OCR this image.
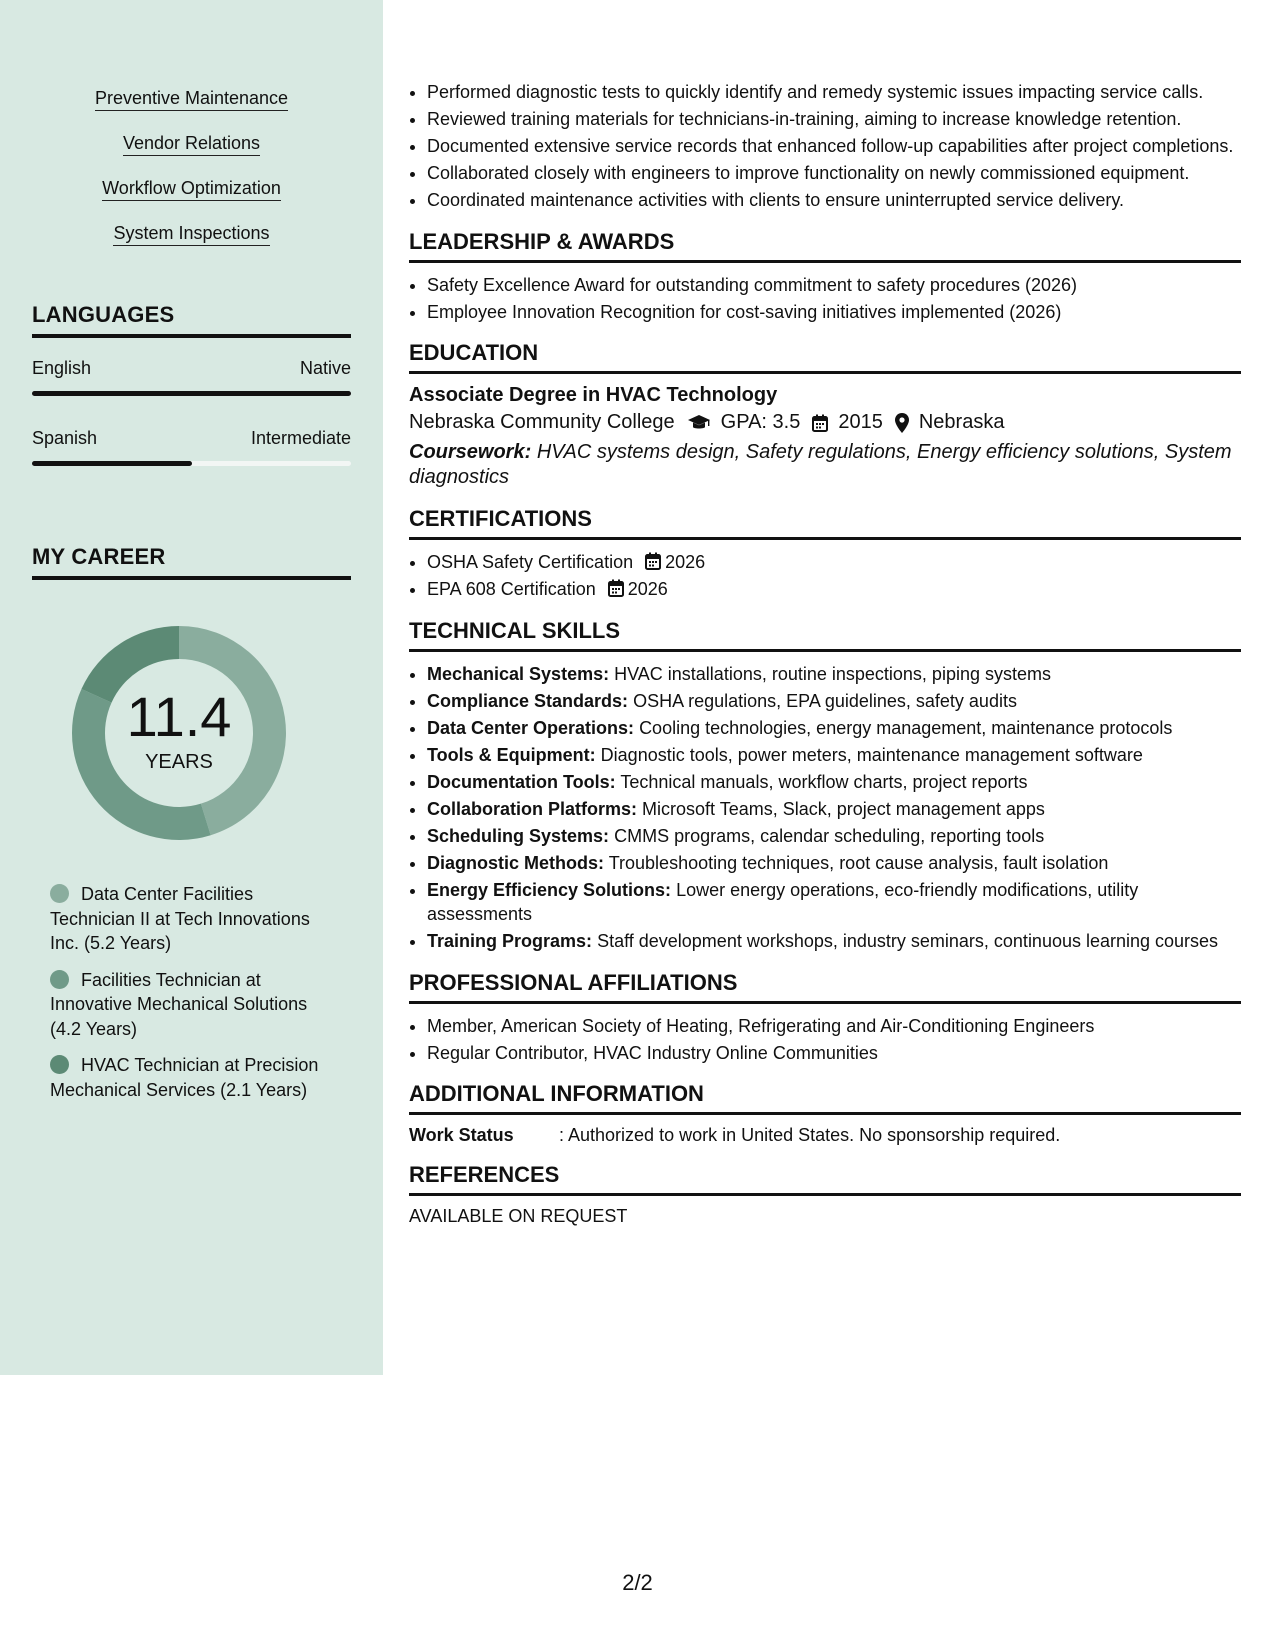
Preventive Maintenance
Vendor Relations
Workflow Optimization
System Inspections
LANGUAGES
English	Native
Spanish	Intermediate
MY CAREER
11.4
YEARS
Data Center Facilities Technician II at Tech Innovations Inc. (5.2 Years)
Facilities Technician at Innovative Mechanical Solutions (4.2 Years)
HVAC Technician at Precision Mechanical Services (2.1 Years)
• Performed diagnostic tests to quickly identify and remedy systemic issues impacting service calls.
• Reviewed training materials for technicians-in-training, aiming to increase knowledge retention.
• Documented extensive service records that enhanced follow-up capabilities after project completions.
• Collaborated closely with engineers to improve functionality on newly commissioned equipment.
• Coordinated maintenance activities with clients to ensure uninterrupted service delivery.
LEADERSHIP & AWARDS
• Safety Excellence Award for outstanding commitment to safety procedures (2026)
• Employee Innovation Recognition for cost-saving initiatives implemented (2026)
EDUCATION
Associate Degree in HVAC Technology
Nebraska Community College GPA: 3.5 2015 Nebraska
Coursework: HVAC systems design, Safety regulations, Energy efficiency solutions, System diagnostics
CERTIFICATIONS
• OSHA Safety Certification 2026
• EPA 608 Certification 2026
TECHNICAL SKILLS
• Mechanical Systems: HVAC installations, routine inspections, piping systems
• Compliance Standards: OSHA regulations, EPA guidelines, safety audits
• Data Center Operations: Cooling technologies, energy management, maintenance protocols
• Tools & Equipment: Diagnostic tools, power meters, maintenance management software
• Documentation Tools: Technical manuals, workflow charts, project reports
• Collaboration Platforms: Microsoft Teams, Slack, project management apps
• Scheduling Systems: CMMS programs, calendar scheduling, reporting tools
• Diagnostic Methods: Troubleshooting techniques, root cause analysis, fault isolation
• Energy Efficiency Solutions: Lower energy operations, eco-friendly modifications, utility assessments
• Training Programs: Staff development workshops, industry seminars, continuous learning courses
PROFESSIONAL AFFILIATIONS
• Member, American Society of Heating, Refrigerating and Air-Conditioning Engineers
• Regular Contributor, HVAC Industry Online Communities
ADDITIONAL INFORMATION
Work Status	: Authorized to work in United States. No sponsorship required.
REFERENCES
AVAILABLE ON REQUEST
2/2
